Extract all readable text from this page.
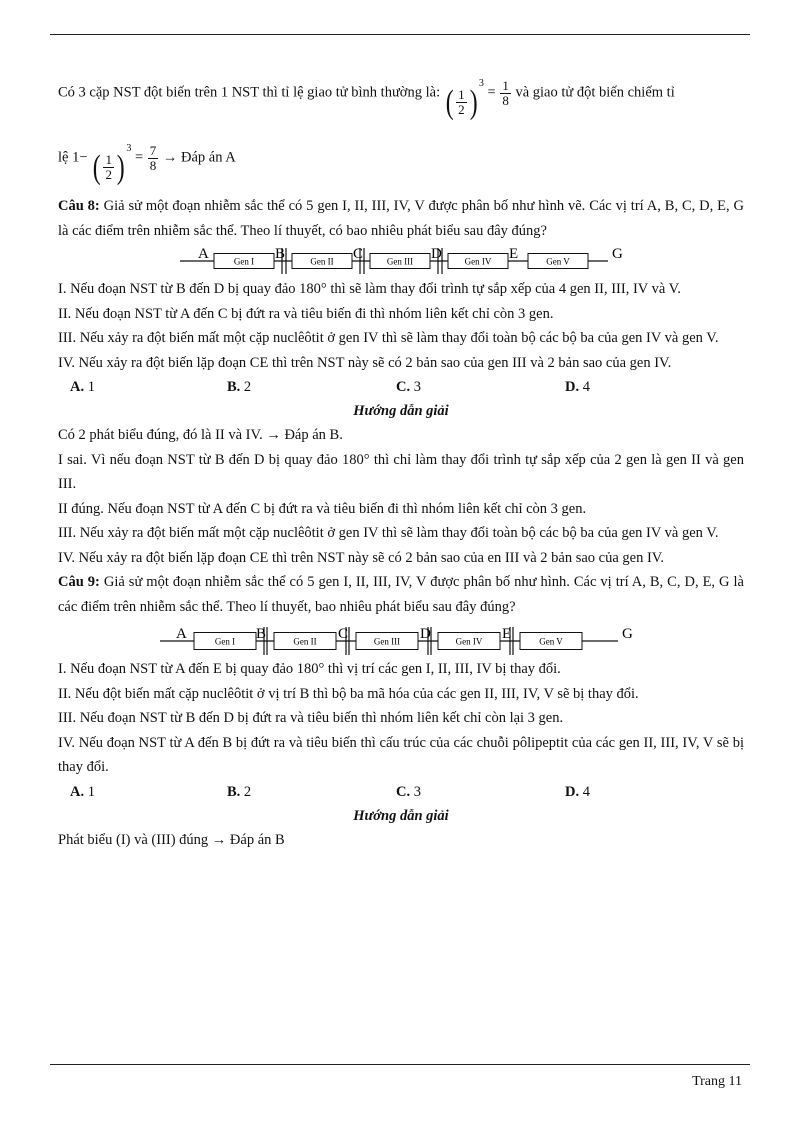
Có 3 cặp NST đột biến trên 1 NST thì tỉ lệ giao tử bình thường là: ( $\frac{1}{2} )^3 = \frac{1}{8}$ và giao tử đột biến chiếm tỉ

lệ 1− ( $\frac{1}{2} )^3 = \frac{7}{8}$ → Đáp án A

Câu 8: Giả sử một đoạn nhiễm sắc thể có 5 gen I, II, III, IV, V được phân bố như hình vẽ. Các vị trí A, B, C, D, E, G là các điểm trên nhiễm sắc thể. Theo lí thuyết, có bao nhiêu phát biểu sau đây đúng?

Gen I	Gen II	Gen III	Gen IV	Gen V
A	B	C	D	E	G

I. Nếu đoạn NST từ B đến D bị quay đảo 180° thì sẽ làm thay đổi trình tự sắp xếp của 4 gen II, III, IV và V.

II. Nếu đoạn NST từ A đến C bị đứt ra và tiêu biến đi thì nhóm liên kết chỉ còn 3 gen.

III. Nếu xảy ra đột biến mất một cặp nuclêôtit ở gen IV thì sẽ làm thay đổi toàn bộ các bộ ba của gen IV và gen V.

IV. Nếu xảy ra đột biến lặp đoạn CE thì trên NST này sẽ có 2 bản sao của gen III và 2 bản sao của gen IV.

A. 1	B. 2	C. 3	D. 4
Hướng dẫn giải

Có 2 phát biểu đúng, đó là II và IV. → Đáp án B.

I sai. Vì nếu đoạn NST từ B đến D bị quay đảo 180° thì chỉ làm thay đổi trình tự sắp xếp của 2 gen là gen II và gen III.

II đúng. Nếu đoạn NST từ A đến C bị đứt ra và tiêu biến đi thì nhóm liên kết chỉ còn 3 gen.

III. Nếu xảy ra đột biến mất một cặp nuclêôtit ở gen IV thì sẽ làm thay đổi toàn bộ các bộ ba của gen IV và gen V.

IV. Nếu xảy ra đột biến lặp đoạn CE thì trên NST này sẽ có 2 bản sao của en III và 2 bản sao của gen IV.

Câu 9: Giả sử một đoạn nhiễm sắc thể có 5 gen I, II, III, IV, V được phân bố như hình. Các vị trí A, B, C, D, E, G là các điểm trên nhiễm sắc thể. Theo lí thuyết, bao nhiêu phát biểu sau đây đúng?

Gen I	Gen II	Gen III	Gen IV	Gen V
A	B	C	D	E	G

I. Nếu đoạn NST từ A đến E bị quay đảo 180° thì vị trí các gen I, II, III, IV bị thay đổi.

II. Nếu đột biến mất cặp nuclêôtit ở vị trí B thì bộ ba mã hóa của các gen II, III, IV, V sẽ bị thay đổi.

III. Nếu đoạn NST từ B đến D bị đứt ra và tiêu biến thì nhóm liên kết chỉ còn lại 3 gen.

IV. Nếu đoạn NST từ A đến B bị đứt ra và tiêu biến thì cấu trúc của các chuỗi pôlipeptit của các gen II, III, IV, V sẽ bị thay đổi.

A. 1	B. 2	C. 3	D. 4
Hướng dẫn giải

Phát biểu (I) và (III) đúng → Đáp án B

Trang 11
